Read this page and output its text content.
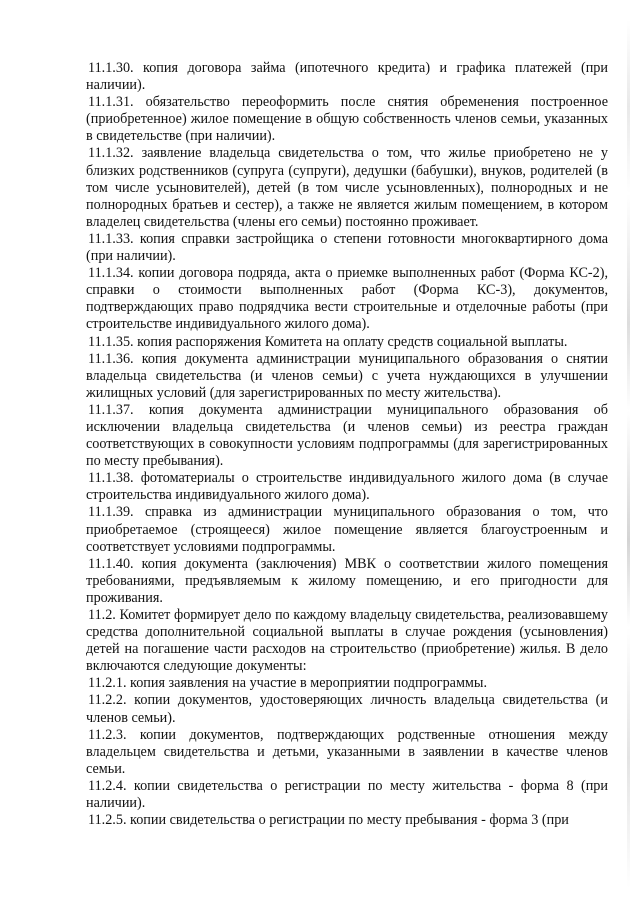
11.1.30. копия договора займа (ипотечного кредита) и графика платежей (при наличии).

11.1.31. обязательство переоформить после снятия обременения построенное (приобретенное) жилое помещение в общую собственность членов семьи, указанных в свидетельстве (при наличии).

11.1.32. заявление владельца свидетельства о том, что жилье приобретено не у близких родственников (супруга (супруги), дедушки (бабушки), внуков, родителей (в том числе усыновителей), детей (в том числе усыновленных), полнородных и не полнородных братьев и сестер), а также не является жилым помещением, в котором владелец свидетельства (члены его семьи) постоянно проживает.

11.1.33. копия справки застройщика о степени готовности многоквартирного дома (при наличии).

11.1.34. копии договора подряда, акта о приемке выполненных работ (Форма КС-2), справки о стоимости выполненных работ (Форма КС-3), документов, подтверждающих право подрядчика вести строительные и отделочные работы (при строительстве индивидуального жилого дома).

11.1.35. копия распоряжения Комитета на оплату средств социальной выплаты.

11.1.36. копия документа администрации муниципального образования о снятии владельца свидетельства (и членов семьи) с учета нуждающихся в улучшении жилищных условий (для зарегистрированных по месту жительства).

11.1.37. копия документа администрации муниципального образования об исключении владельца свидетельства (и членов семьи) из реестра граждан соответствующих в совокупности условиям подпрограммы (для зарегистрированных по месту пребывания).

11.1.38. фотоматериалы о строительстве индивидуального жилого дома (в случае строительства индивидуального жилого дома).

11.1.39. справка из администрации муниципального образования о том, что приобретаемое (строящееся) жилое помещение является благоустроенным и соответствует условиями подпрограммы.

11.1.40. копия документа (заключения) МВК о соответствии жилого помещения требованиями, предъявляемым к жилому помещению, и его пригодности для проживания.

11.2. Комитет формирует дело по каждому владельцу свидетельства, реализовавшему средства дополнительной социальной выплаты в случае рождения (усыновления) детей на погашение части расходов на строительство (приобретение) жилья. В дело включаются следующие документы:

11.2.1. копия заявления на участие в мероприятии подпрограммы.

11.2.2. копии документов, удостоверяющих личность владельца свидетельства (и членов семьи).

11.2.3. копии документов, подтверждающих родственные отношения между владельцем свидетельства и детьми, указанными в заявлении в качестве членов семьи.

11.2.4. копии свидетельства о регистрации по месту жительства - форма 8 (при наличии).

11.2.5. копии свидетельства о регистрации по месту пребывания - форма 3 (при
